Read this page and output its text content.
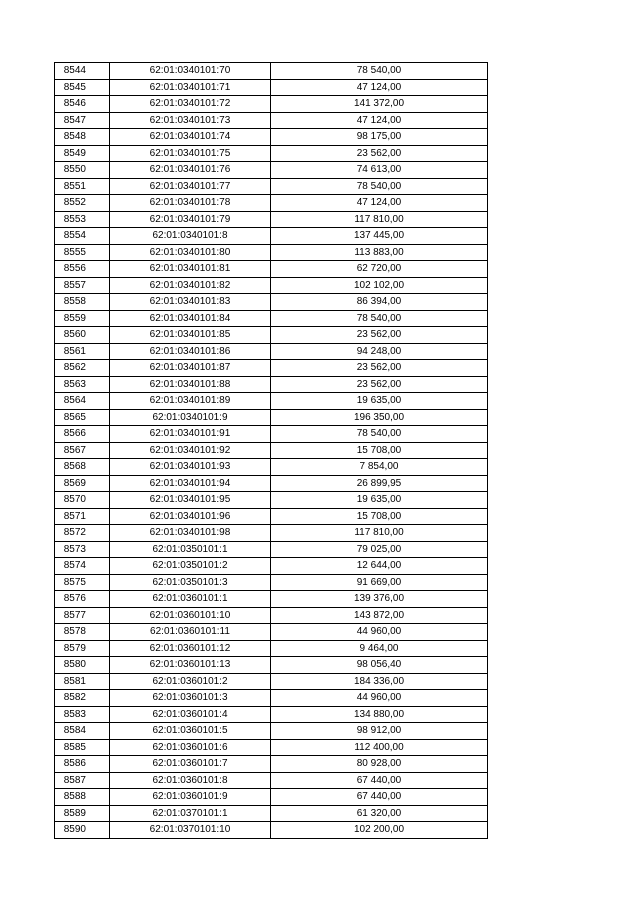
8544	62:01:0340101:70	78 540,00
8545	62:01:0340101:71	47 124,00
8546	62:01:0340101:72	141 372,00
8547	62:01:0340101:73	47 124,00
8548	62:01:0340101:74	98 175,00
8549	62:01:0340101:75	23 562,00
8550	62:01:0340101:76	74 613,00
8551	62:01:0340101:77	78 540,00
8552	62:01:0340101:78	47 124,00
8553	62:01:0340101:79	117 810,00
8554	62:01:0340101:8	137 445,00
8555	62:01:0340101:80	113 883,00
8556	62:01:0340101:81	62 720,00
8557	62:01:0340101:82	102 102,00
8558	62:01:0340101:83	86 394,00
8559	62:01:0340101:84	78 540,00
8560	62:01:0340101:85	23 562,00
8561	62:01:0340101:86	94 248,00
8562	62:01:0340101:87	23 562,00
8563	62:01:0340101:88	23 562,00
8564	62:01:0340101:89	19 635,00
8565	62:01:0340101:9	196 350,00
8566	62:01:0340101:91	78 540,00
8567	62:01:0340101:92	15 708,00
8568	62:01:0340101:93	7 854,00
8569	62:01:0340101:94	26 899,95
8570	62:01:0340101:95	19 635,00
8571	62:01:0340101:96	15 708,00
8572	62:01:0340101:98	117 810,00
8573	62:01:0350101:1	79 025,00
8574	62:01:0350101:2	12 644,00
8575	62:01:0350101:3	91 669,00
8576	62:01:0360101:1	139 376,00
8577	62:01:0360101:10	143 872,00
8578	62:01:0360101:11	44 960,00
8579	62:01:0360101:12	9 464,00
8580	62:01:0360101:13	98 056,40
8581	62:01:0360101:2	184 336,00
8582	62:01:0360101:3	44 960,00
8583	62:01:0360101:4	134 880,00
8584	62:01:0360101:5	98 912,00
8585	62:01:0360101:6	112 400,00
8586	62:01:0360101:7	80 928,00
8587	62:01:0360101:8	67 440,00
8588	62:01:0360101:9	67 440,00
8589	62:01:0370101:1	61 320,00
8590	62:01:0370101:10	102 200,00
